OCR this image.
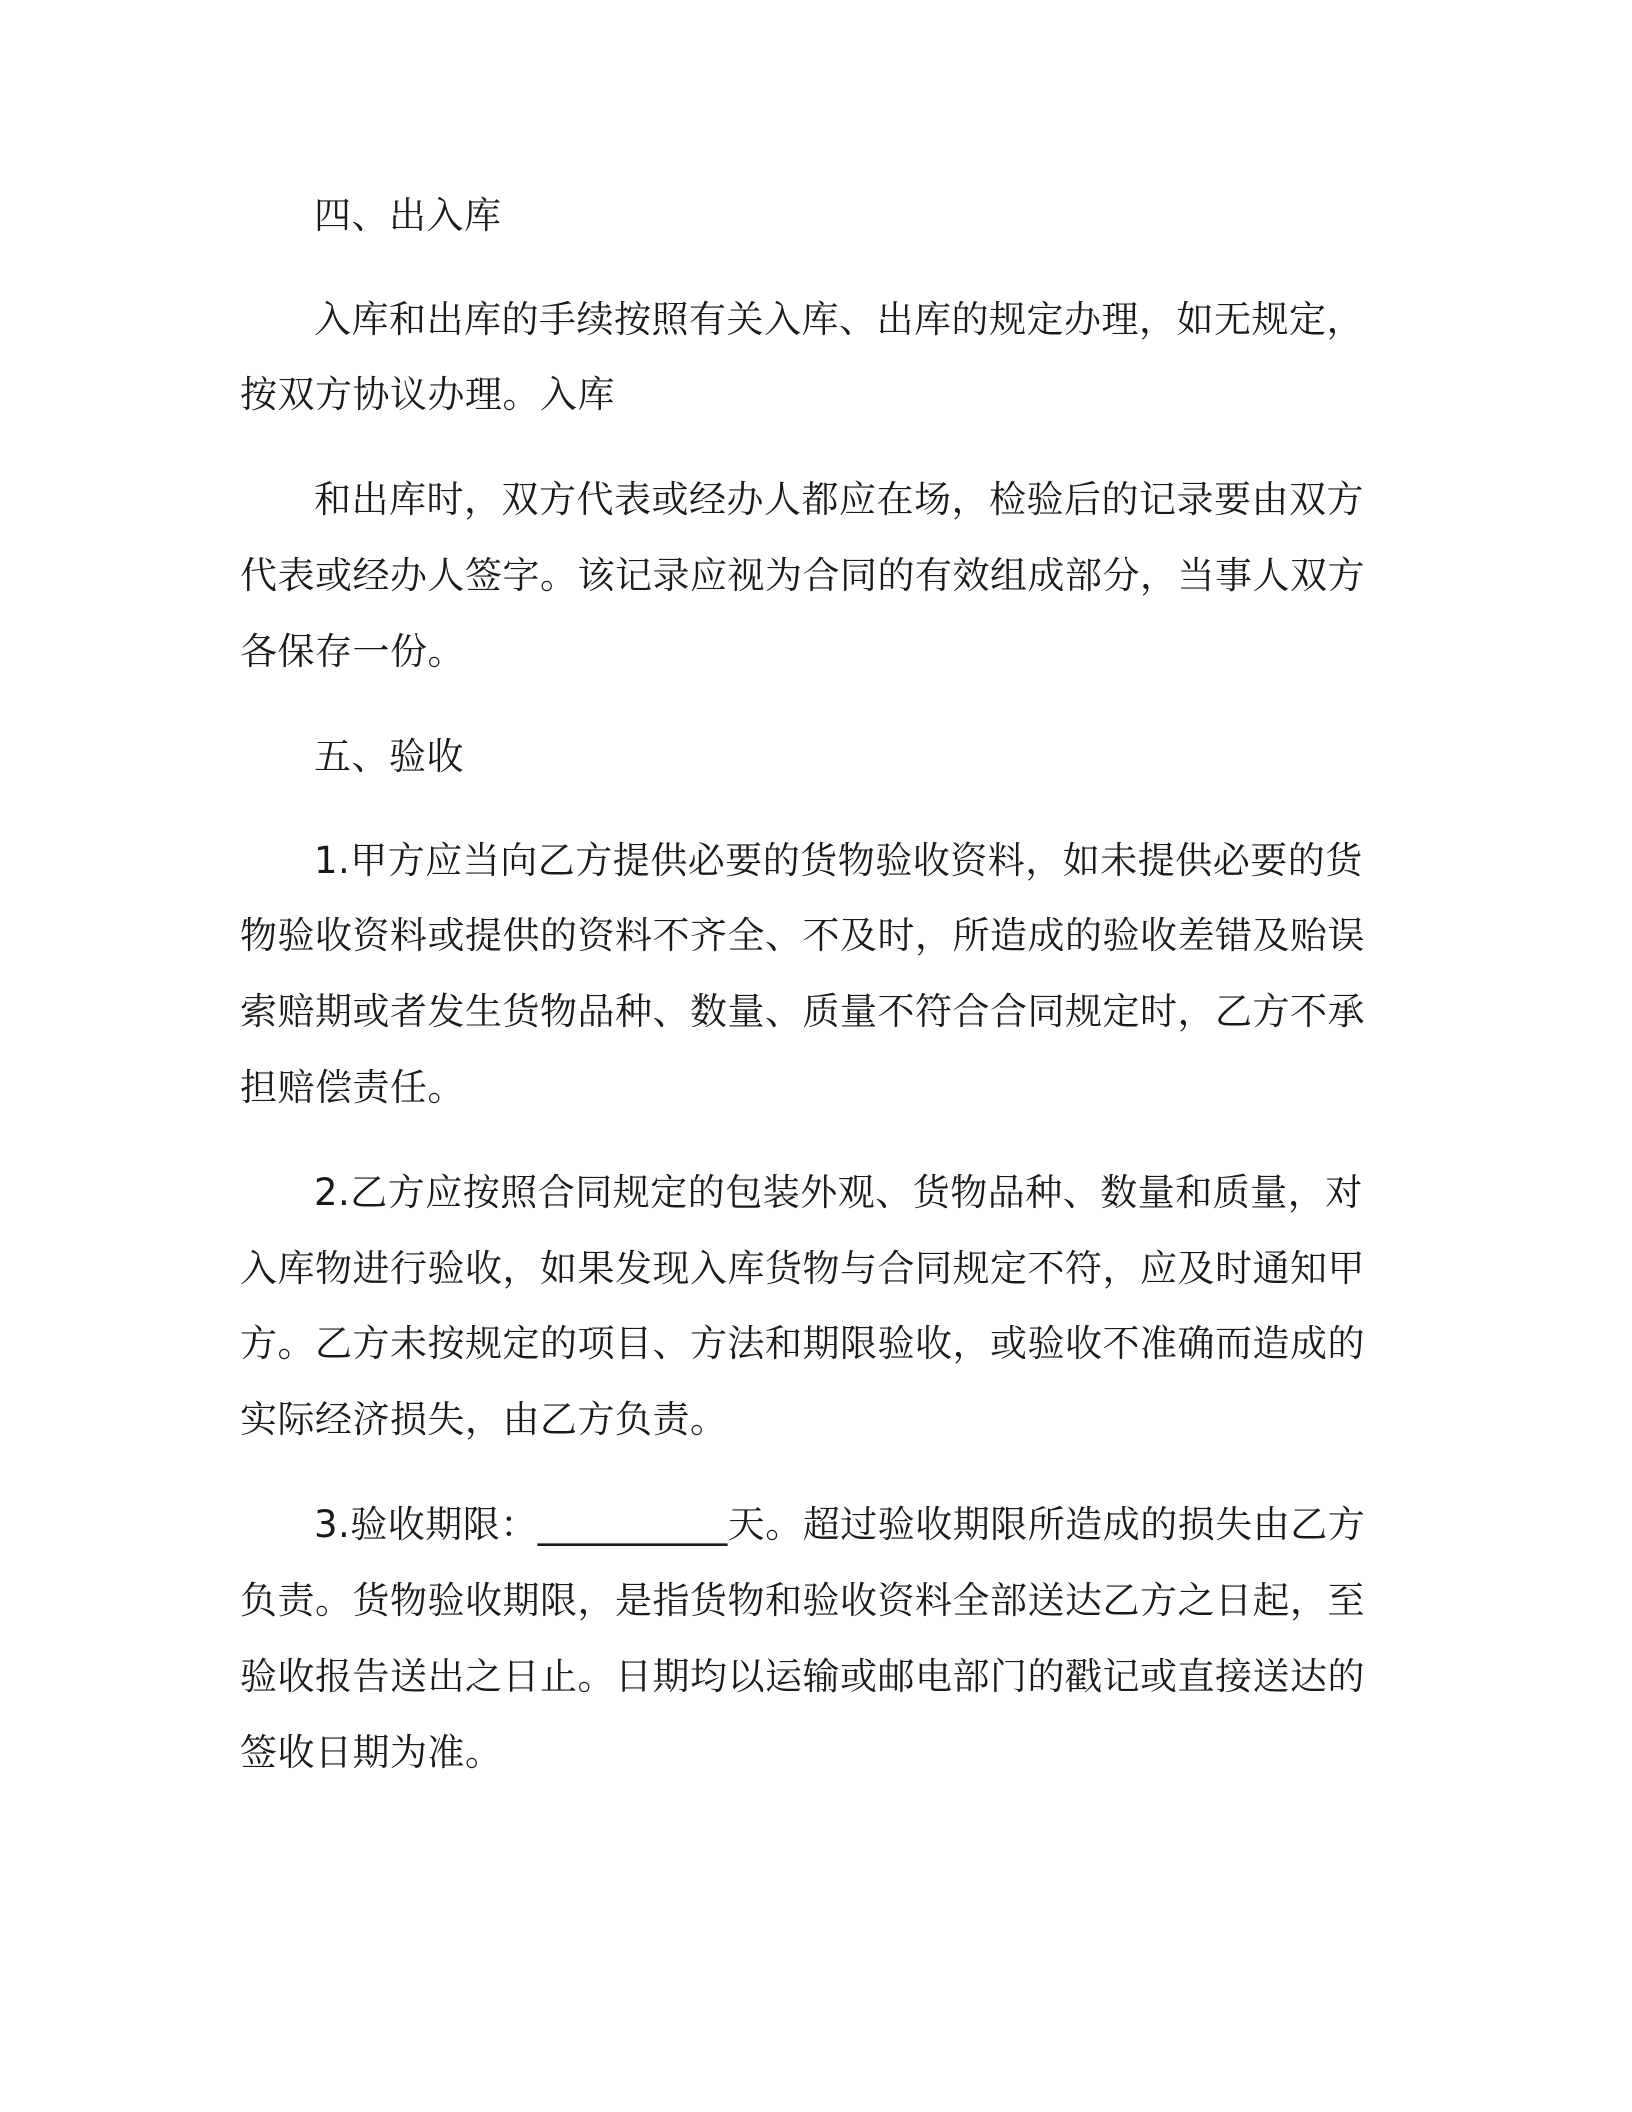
四、出入库

入库和出库的手续按照有关入库、出库的规定办理，如无规定，

按双方协议办理。入库

和出库时，双方代表或经办人都应在场，检验后的记录要由双方

代表或经办人签字。该记录应视为合同的有效组成部分，当事人双方

各保存一份。

五、验收

1.甲方应当向乙方提供必要的货物验收资料，如未提供必要的货

物验收资料或提供的资料不齐全、不及时，所造成的验收差错及贻误

索赔期或者发生货物品种、数量、质量不符合合同规定时，乙方不承

担赔偿责任。

2.乙方应按照合同规定的包装外观、货物品种、数量和质量，对

入库物进行验收，如果发现入库货物与合同规定不符，应及时通知甲

方。乙方未按规定的项目、方法和期限验收，或验收不准确而造成的

实际经济损失，由乙方负责。

3.验收期限：__________天。超过验收期限所造成的损失由乙方

负责。货物验收期限，是指货物和验收资料全部送达乙方之日起，至

验收报告送出之日止。日期均以运输或邮电部门的戳记或直接送达的

签收日期为准。
